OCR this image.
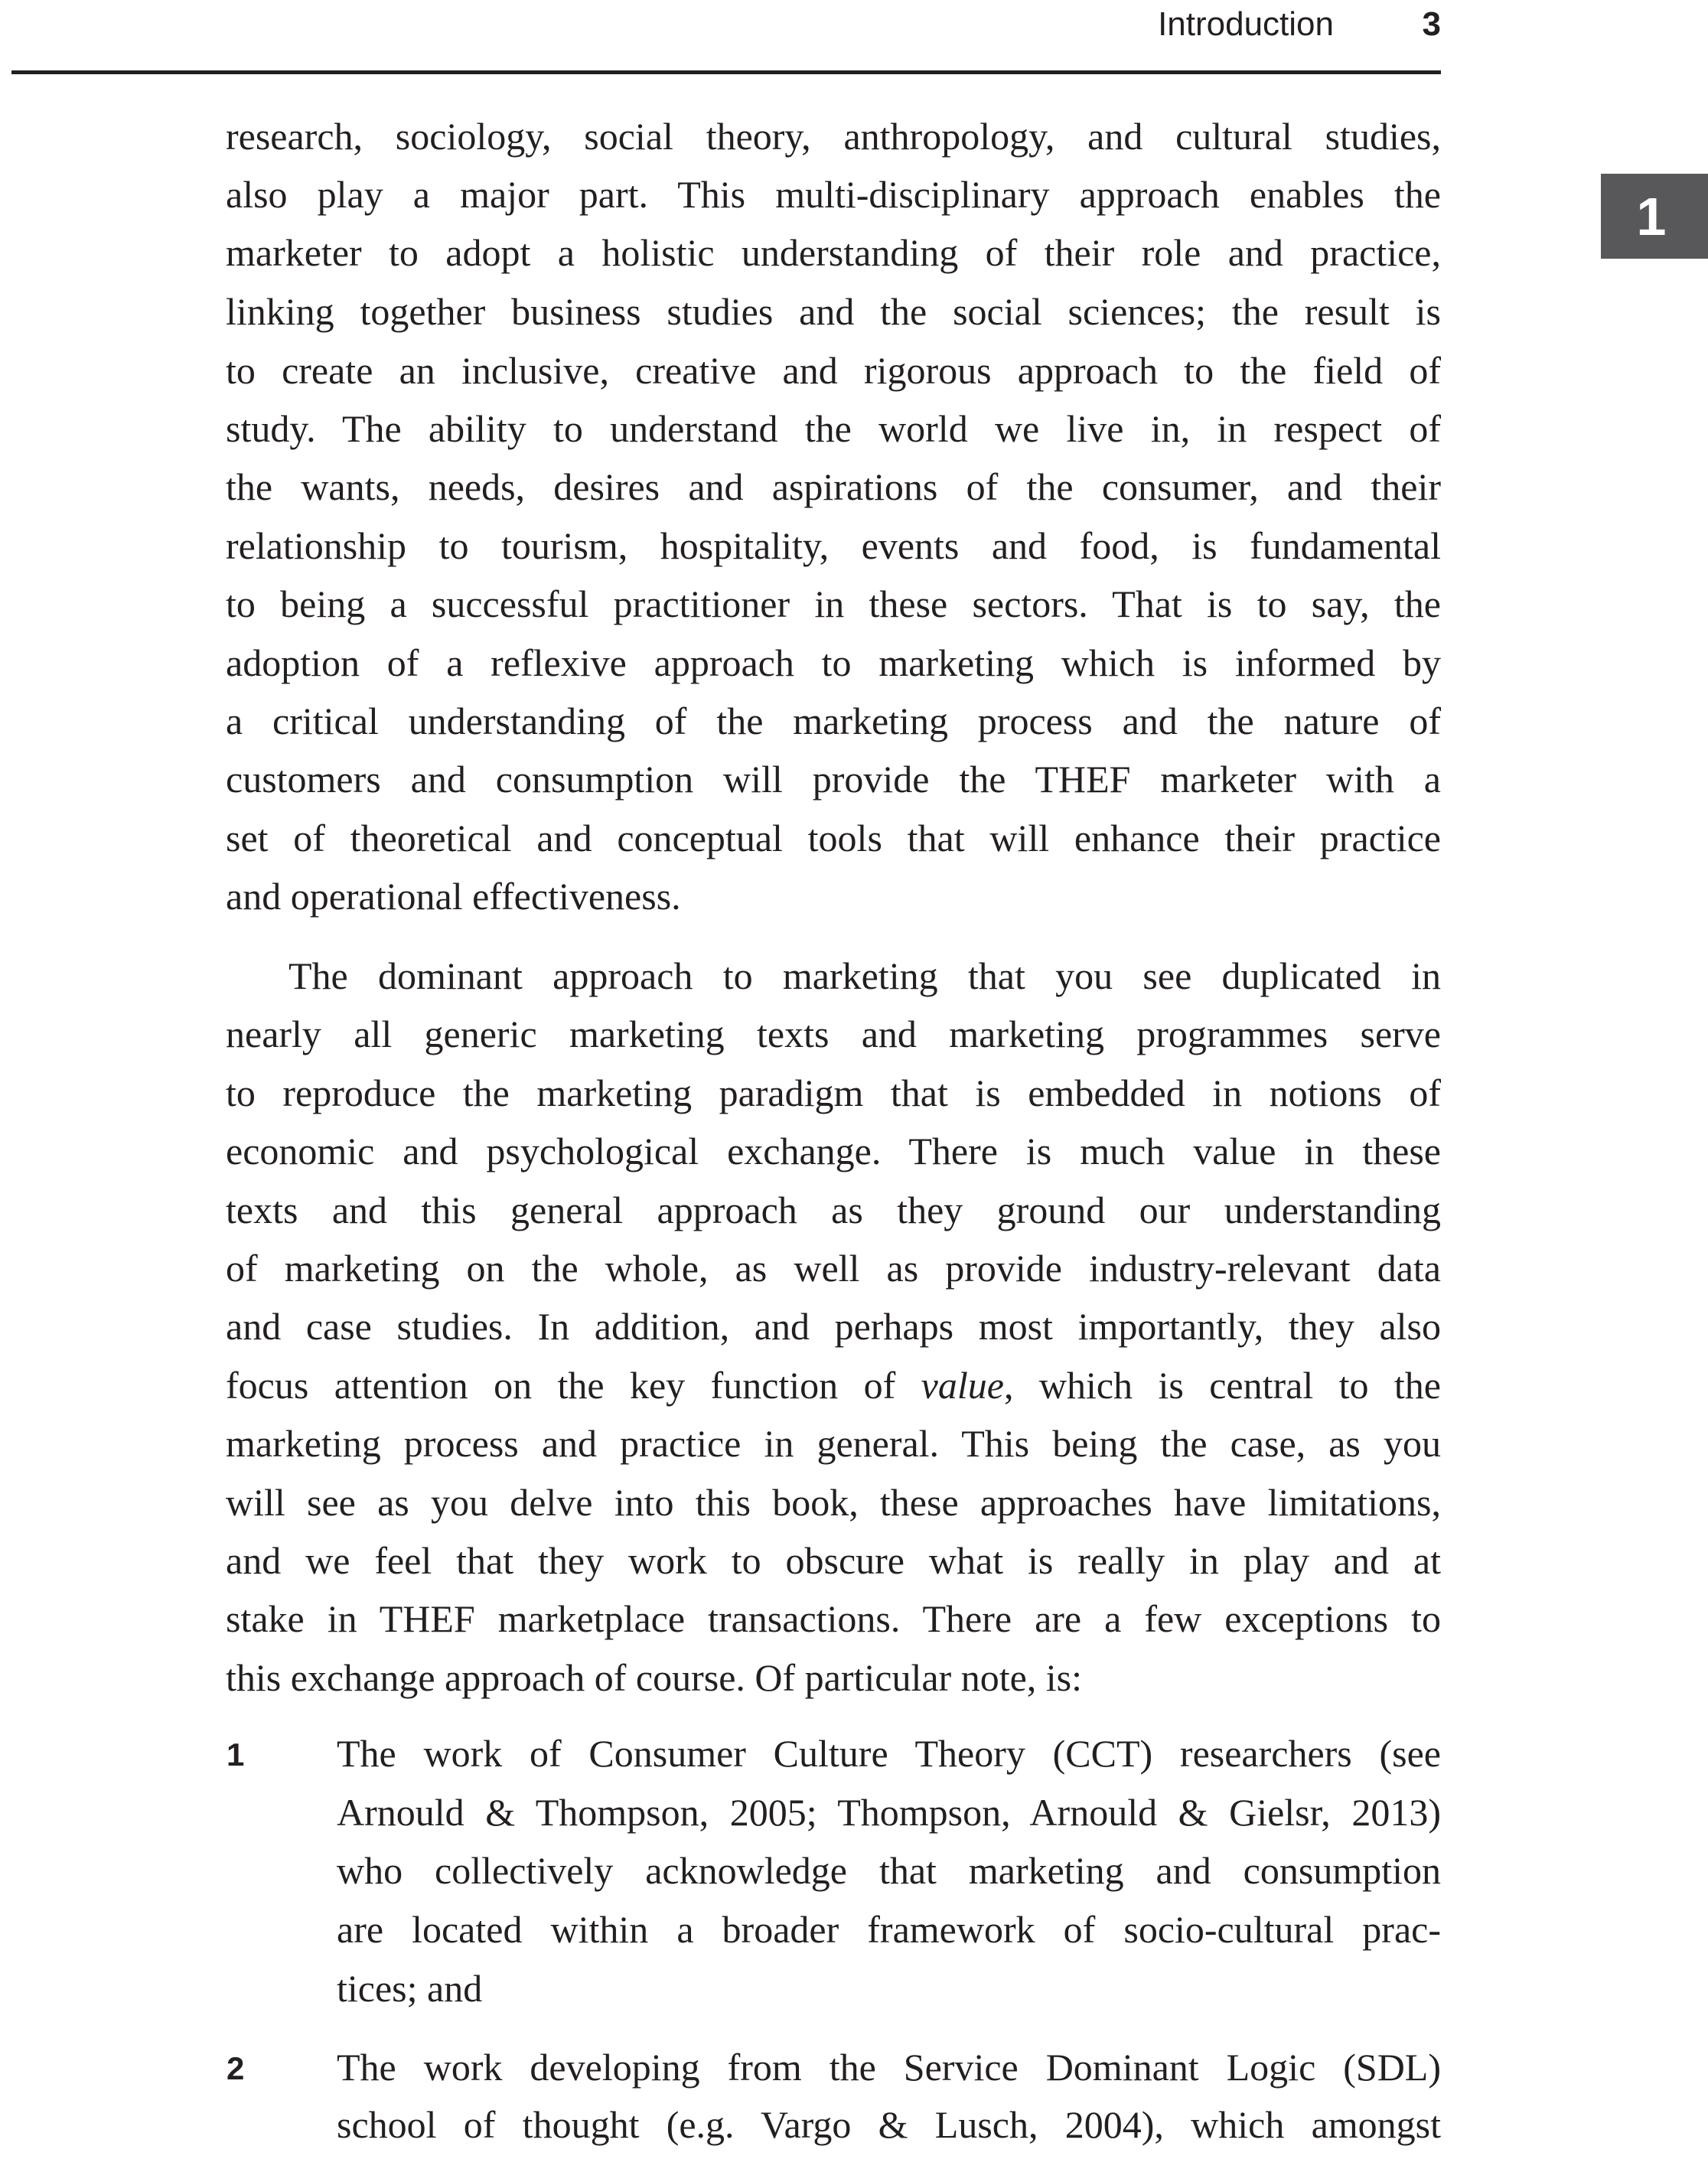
Introduction	3
1
research, sociology, social theory, anthropology, and cultural studies,
also play a major part. This multi-disciplinary approach enables the
marketer to adopt a holistic understanding of their role and practice,
linking together business studies and the social sciences; the result is
to create an inclusive, creative and rigorous approach to the field of
study. The ability to understand the world we live in, in respect of
the wants, needs, desires and aspirations of the consumer, and their
relationship to tourism, hospitality, events and food, is fundamental
to being a successful practitioner in these sectors. That is to say, the
adoption of a reflexive approach to marketing which is informed by
a critical understanding of the marketing process and the nature of
customers and consumption will provide the THEF marketer with a
set of theoretical and conceptual tools that will enhance their practice
and operational effectiveness.
The dominant approach to marketing that you see duplicated in
nearly all generic marketing texts and marketing programmes serve
to reproduce the marketing paradigm that is embedded in notions of
economic and psychological exchange. There is much value in these
texts and this general approach as they ground our understanding
of marketing on the whole, as well as provide industry-relevant data
and case studies. In addition, and perhaps most importantly, they also
focus attention on the key function of value, which is central to the
marketing process and practice in general. This being the case, as you
will see as you delve into this book, these approaches have limitations,
and we feel that they work to obscure what is really in play and at
stake in THEF marketplace transactions. There are a few exceptions to
this exchange approach of course. Of particular note, is:
1 The work of Consumer Culture Theory (CCT) researchers (see
Arnould & Thompson, 2005; Thompson, Arnould & Gielsr, 2013)
who collectively acknowledge that marketing and consumption
are located within a broader framework of socio-cultural prac-
tices; and
2 The work developing from the Service Dominant Logic (SDL)
school of thought (e.g. Vargo & Lusch, 2004), which amongst
